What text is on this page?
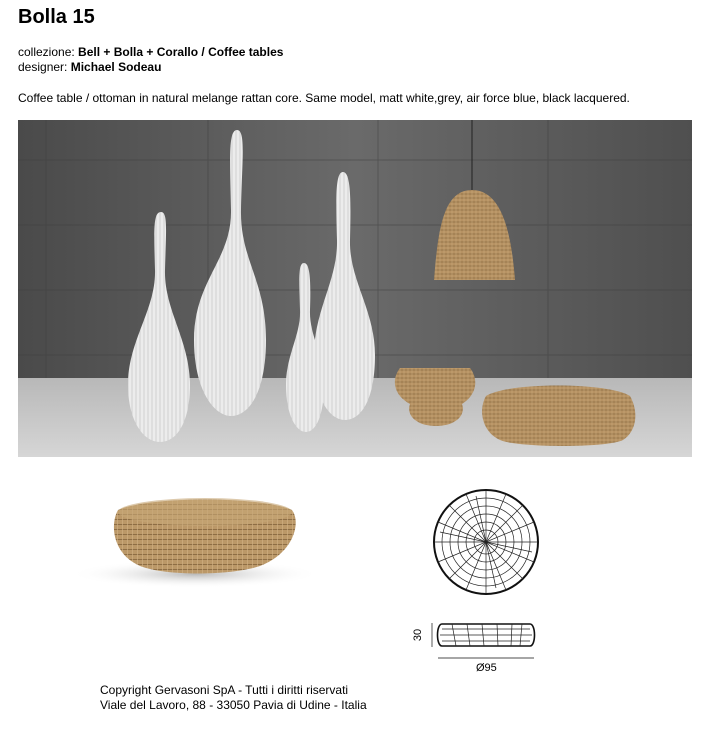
Bolla 15
collezione: Bell + Bolla + Corallo / Coffee tables
designer: Michael Sodeau
Coffee table / ottoman in natural melange rattan core. Same model, matt white,grey, air force blue, black lacquered.
30
Ø95
Copyright Gervasoni SpA - Tutti i diritti riservati
Viale del Lavoro, 88 - 33050 Pavia di Udine - Italia
